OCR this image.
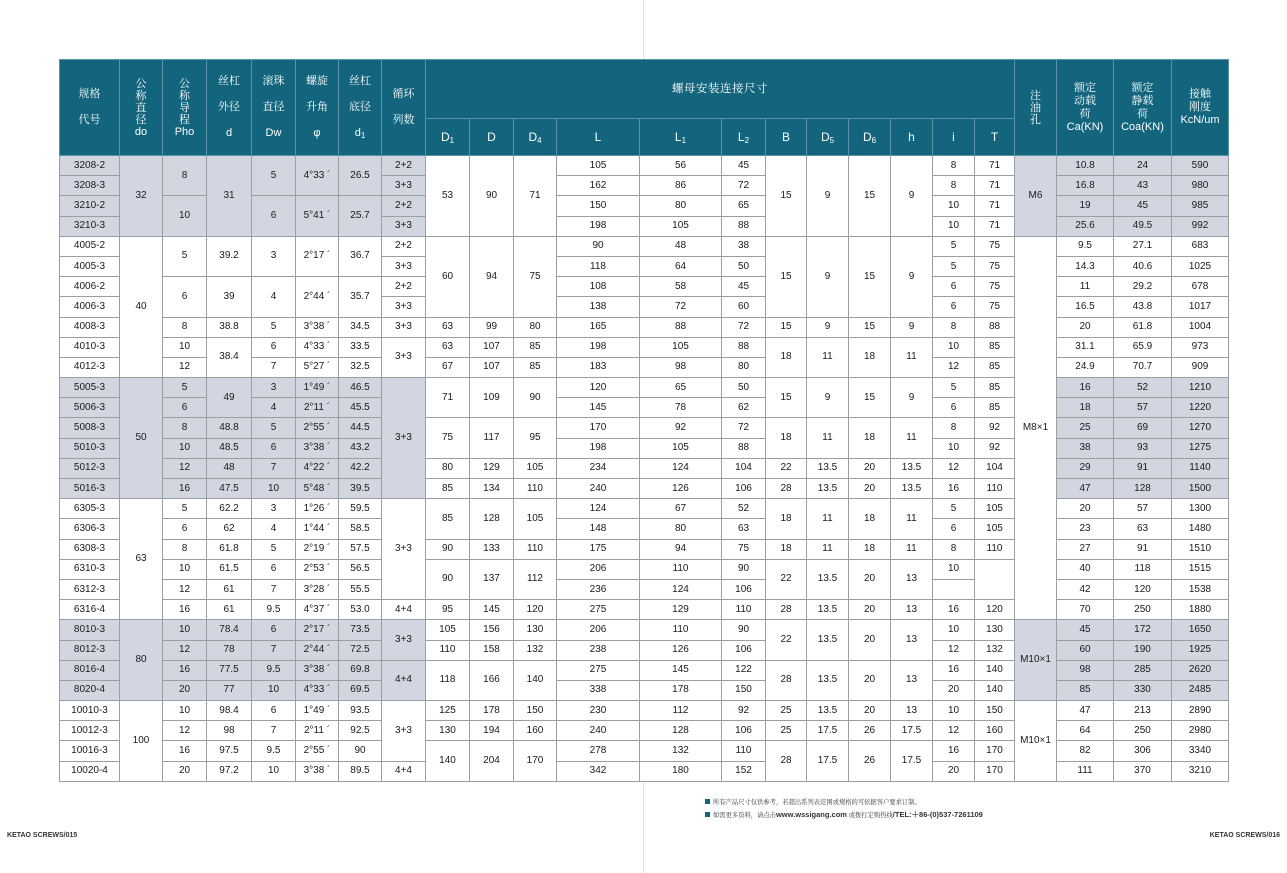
规格

代号	公
称
直
径
do	公
称
导
程
Pho	丝杠

外径

d	滚珠

直径

Dw	螺旋

升角

φ	丝杠

底径

$d_1$	循环

列数	螺母安装连接尺寸												注
油
孔	额定
动载
荷
Ca(KN)	额定
静载
荷
Coa(KN)	接触
刚度
KcN/um
								$D_1$	D	$D_4$	L	$L_1$	$L_2$	B	$D_5$	$D_6$	h	i	T				
3208-2	32	8	31	5	4°33 ´	26.5	2+2	53	90	71	105	56	45	15	9	15	9	8	71	M6	10.8	24	590
3208-3							3+3				162	86	72					8	71		16.8	43	980
3210-2		10		6	5°41 ´	25.7	2+2				150	80	65					10	71		19	45	985
3210-3							3+3				198	105	88					10	71		25.6	49.5	992
4005-2	40	5	39.2	3	2°17 ´	36.7	2+2	60	94	75	90	48	38	15	9	15	9	5	75	M8×1	9.5	27.1	683
4005-3							3+3				118	64	50					5	75		14.3	40.6	1025
4006-2		6	39	4	2°44 ´	35.7	2+2				108	58	45					6	75		11	29.2	678
4006-3							3+3				138	72	60					6	75		16.5	43.8	1017
4008-3		8	38.8	5	3°38 ´	34.5	3+3	63	99	80	165	88	72	15	9	15	9	8	88		20	61.8	1004
4010-3		10	38.4	6	4°33 ´	33.5	3+3	63	107	85	198	105	88	18	11	18	11	10	85		31.1	65.9	973
4012-3		12		7	5°27 ´	32.5		67	107	85	183	98	80					12	85		24.9	70.7	909
5005-3	50	5	49	3	1°49 ´	46.5	3+3	71	109	90	120	65	50	15	9	15	9	5	85		16	52	1210
5006-3		6		4	2°11 ´	45.5					145	78	62					6	85		18	57	1220
5008-3		8	48.8	5	2°55 ´	44.5		75	117	95	170	92	72	18	11	18	11	8	92		25	69	1270
5010-3		10	48.5	6	3°38 ´	43.2					198	105	88					10	92		38	93	1275
5012-3		12	48	7	4°22 ´	42.2		80	129	105	234	124	104	22	13.5	20	13.5	12	104		29	91	1140
5016-3		16	47.5	10	5°48 ´	39.5		85	134	110	240	126	106	28	13.5	20	13.5	16	110		47	128	1500
6305-3	63	5	62.2	3	1°26 ´	59.5	3+3	85	128	105	124	67	52	18	11	18	11	5	105		20	57	1300
6306-3		6	62	4	1°44 ´	58.5					148	80	63					6	105		23	63	1480
6308-3		8	61.8	5	2°19 ´	57.5		90	133	110	175	94	75	18	11	18	11	8	110		27	91	1510
6310-3		10	61.5	6	2°53 ´	56.5		90	137	112	206	110	90	22	13.5	20	13	10			40	118	1515
6312-3		12	61	7	3°28 ´	55.5					236	124	106								42	120	1538
6316-4		16	61	9.5	4°37 ´	53.0	4+4	95	145	120	275	129	110	28	13.5	20	13	16	120		70	250	1880
8010-3	80	10	78.4	6	2°17 ´	73.5	3+3	105	156	130	206	110	90	22	13.5	20	13	10	130	M10×1	45	172	1650
8012-3		12	78	7	2°44 ´	72.5		110	158	132	238	126	106					12	132		60	190	1925
8016-4		16	77.5	9.5	3°38 ´	69.8	4+4	118	166	140	275	145	122	28	13.5	20	13	16	140		98	285	2620
8020-4		20	77	10	4°33 ´	69.5					338	178	150					20	140		85	330	2485
10010-3	100	10	98.4	6	1°49 ´	93.5	3+3	125	178	150	230	112	92	25	13.5	20	13	10	150	M10×1	47	213	2890
10012-3		12	98	7	2°11 ´	92.5		130	194	160	240	128	106	25	17.5	26	17.5	12	160		64	250	2980
10016-3		16	97.5	9.5	2°55 ´	90		140	204	170	278	132	110	28	17.5	26	17.5	16	170		82	306	3340
10020-4		20	97.2	10	3°38 ´	89.5	4+4				342	180	152					20	170		111	370	3210
所有产品尺寸仅供参考，若超出系列表范围或规格的可依据客户要求订制。
如需更多资料，请点击www.wssigang.com 或拨打定购热线/TEL:＋86-(0)537-7261109
KETAO SCREWS/015	KETAO SCREWS/016
